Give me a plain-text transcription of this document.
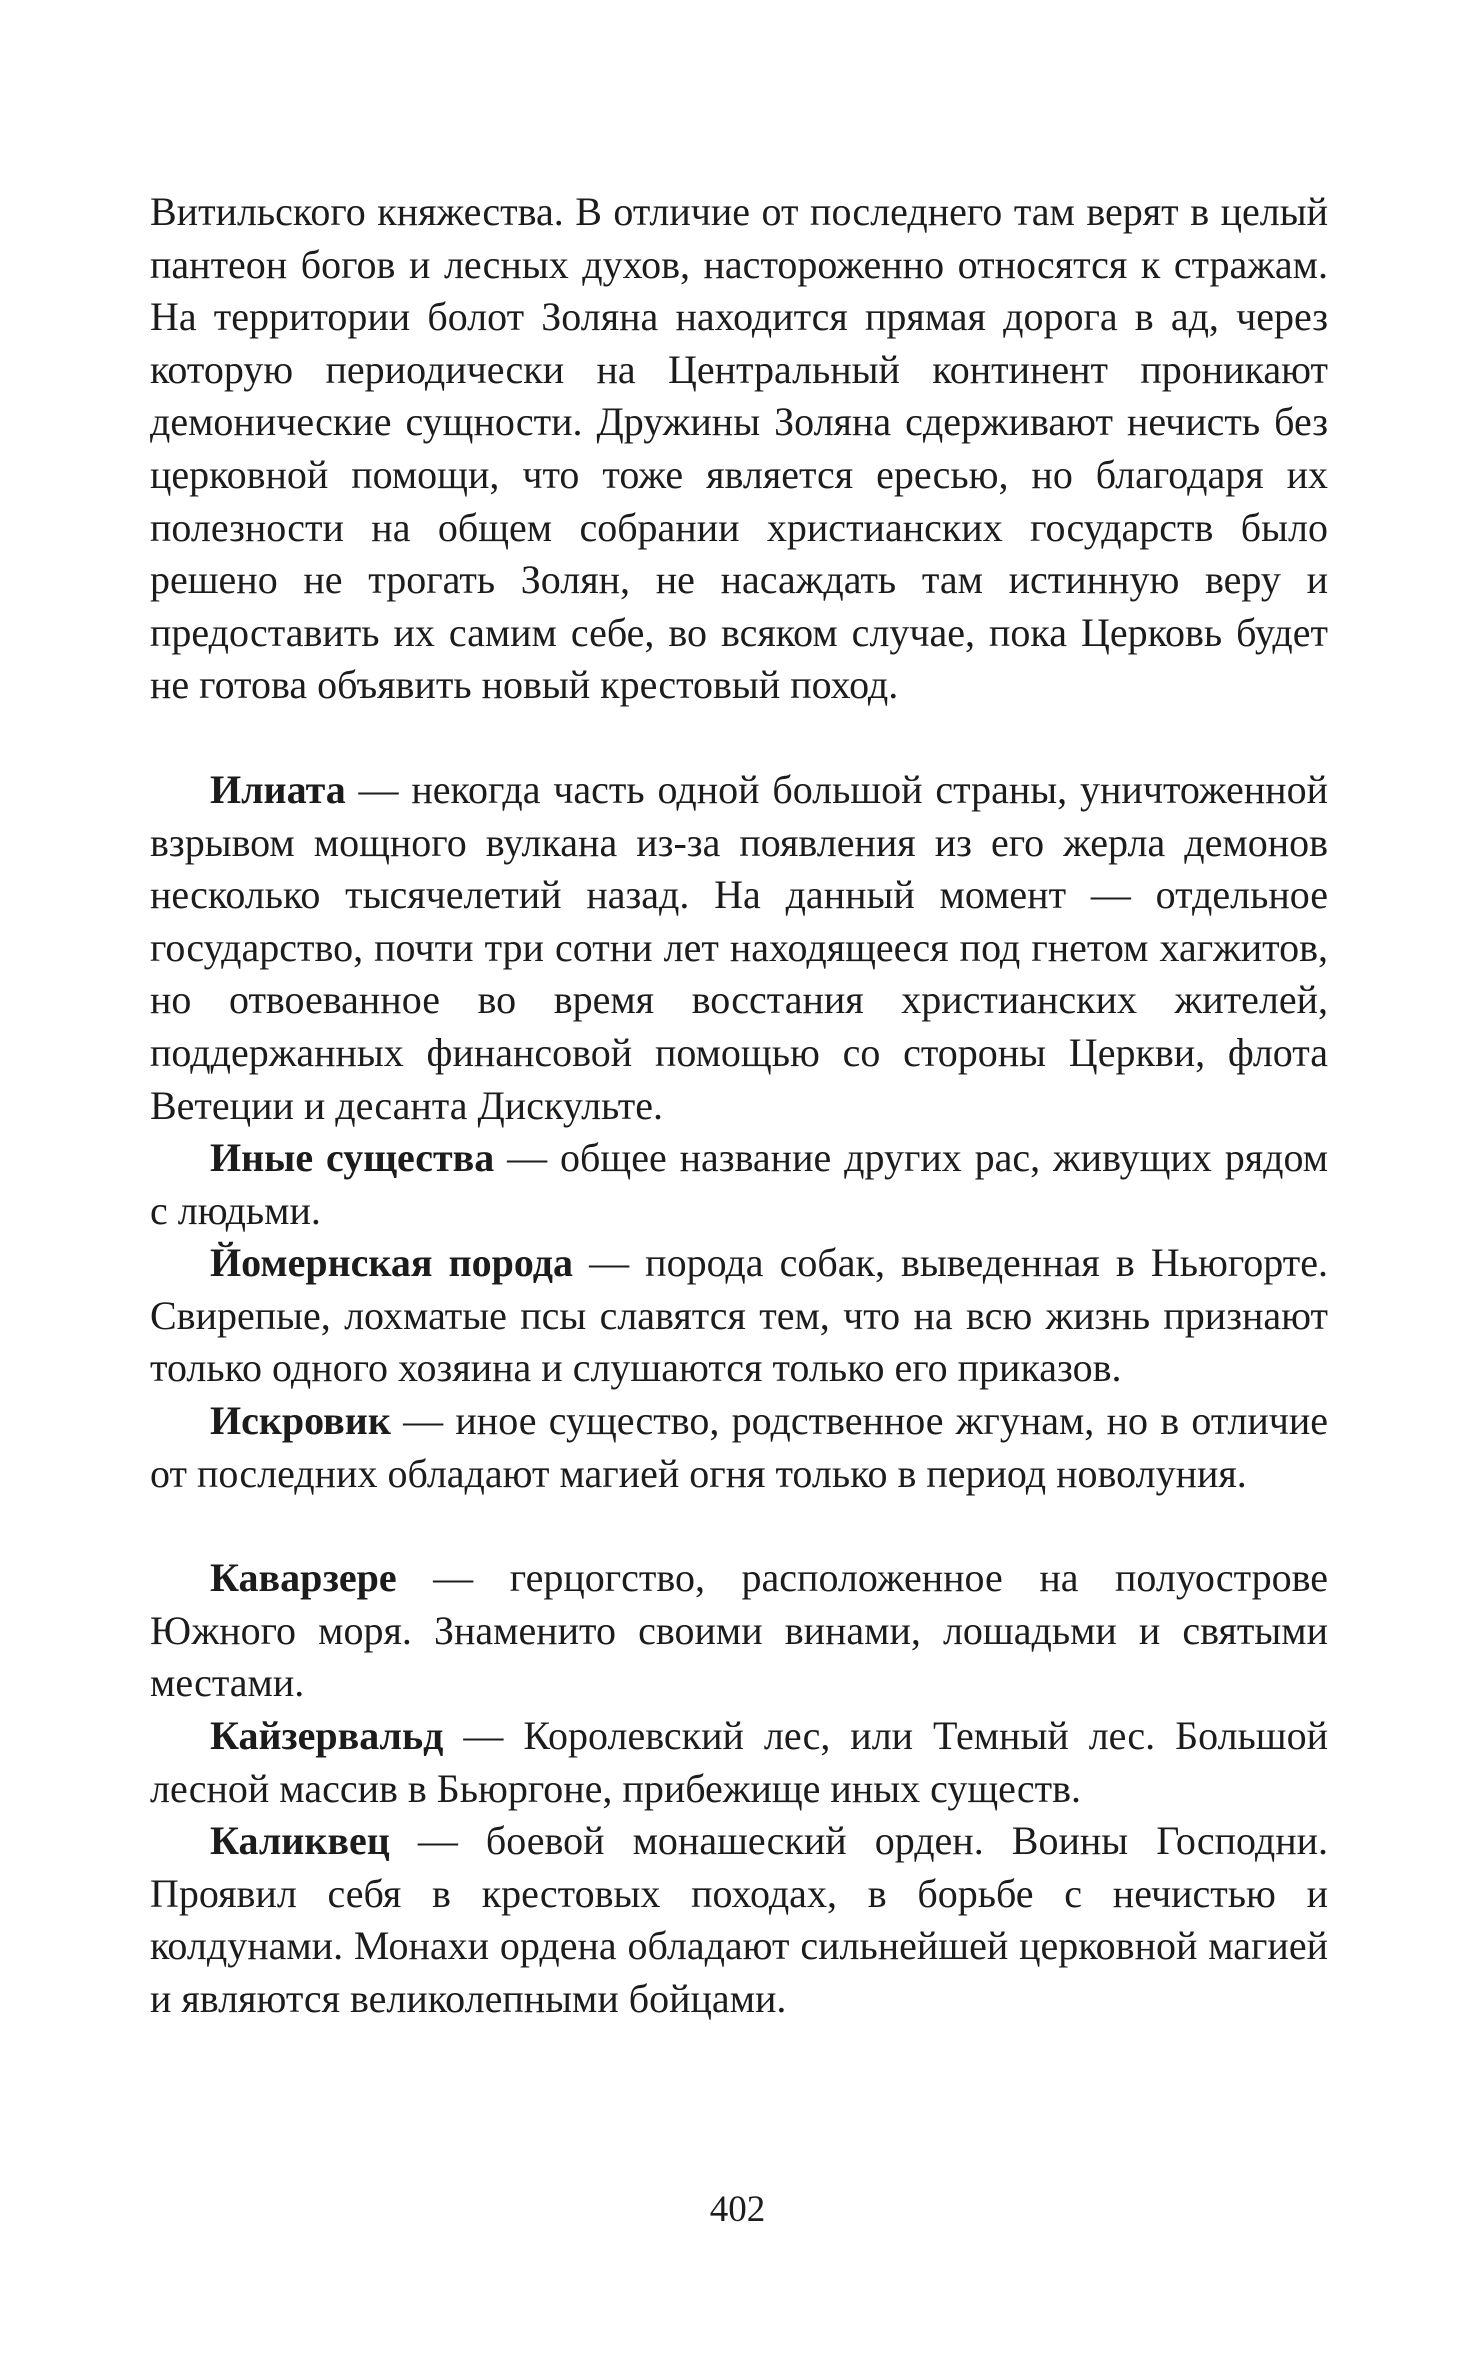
Витильского княжества. В отличие от последнего там верят в целый пантеон богов и лесных духов, настороженно относятся к стражам. На территории болот Золяна находится прямая дорога в ад, через которую периодически на Центральный континент проникают демонические сущности. Дружины Золяна сдерживают нечисть без церковной помощи, что тоже является ересью, но благодаря их полезности на общем собрании христианских государств было решено не трогать Золян, не насаждать там истинную веру и предоставить их самим себе, во всяком случае, пока Церковь будет не готова объявить новый крестовый поход.

Илиата — некогда часть одной большой страны, уничтоженной взрывом мощного вулкана из-за появления из его жерла демонов несколько тысячелетий назад. На данный момент — отдельное государство, почти три сотни лет находящееся под гнетом хагжитов, но отвоеванное во время восстания христианских жителей, поддержанных финансовой помощью со стороны Церкви, флота Ветеции и десанта Дискульте.

Иные существа — общее название других рас, живущих рядом с людьми.

Йомернская порода — порода собак, выведенная в Ньюгорте. Свирепые, лохматые псы славятся тем, что на всю жизнь признают только одного хозяина и слушаются только его приказов.

Искровик — иное существо, родственное жгунам, но в отличие от последних обладают магией огня только в период новолуния.

Каварзере — герцогство, расположенное на полуострове Южного моря. Знаменито своими винами, лошадьми и святыми местами.

Кайзервальд — Королевский лес, или Темный лес. Большой лесной массив в Бьюргоне, прибежище иных существ.

Каликвец — боевой монашеский орден. Воины Господни. Проявил себя в крестовых походах, в борьбе с нечистью и колдунами. Монахи ордена обладают сильнейшей церковной магией и являются великолепными бойцами.

402
